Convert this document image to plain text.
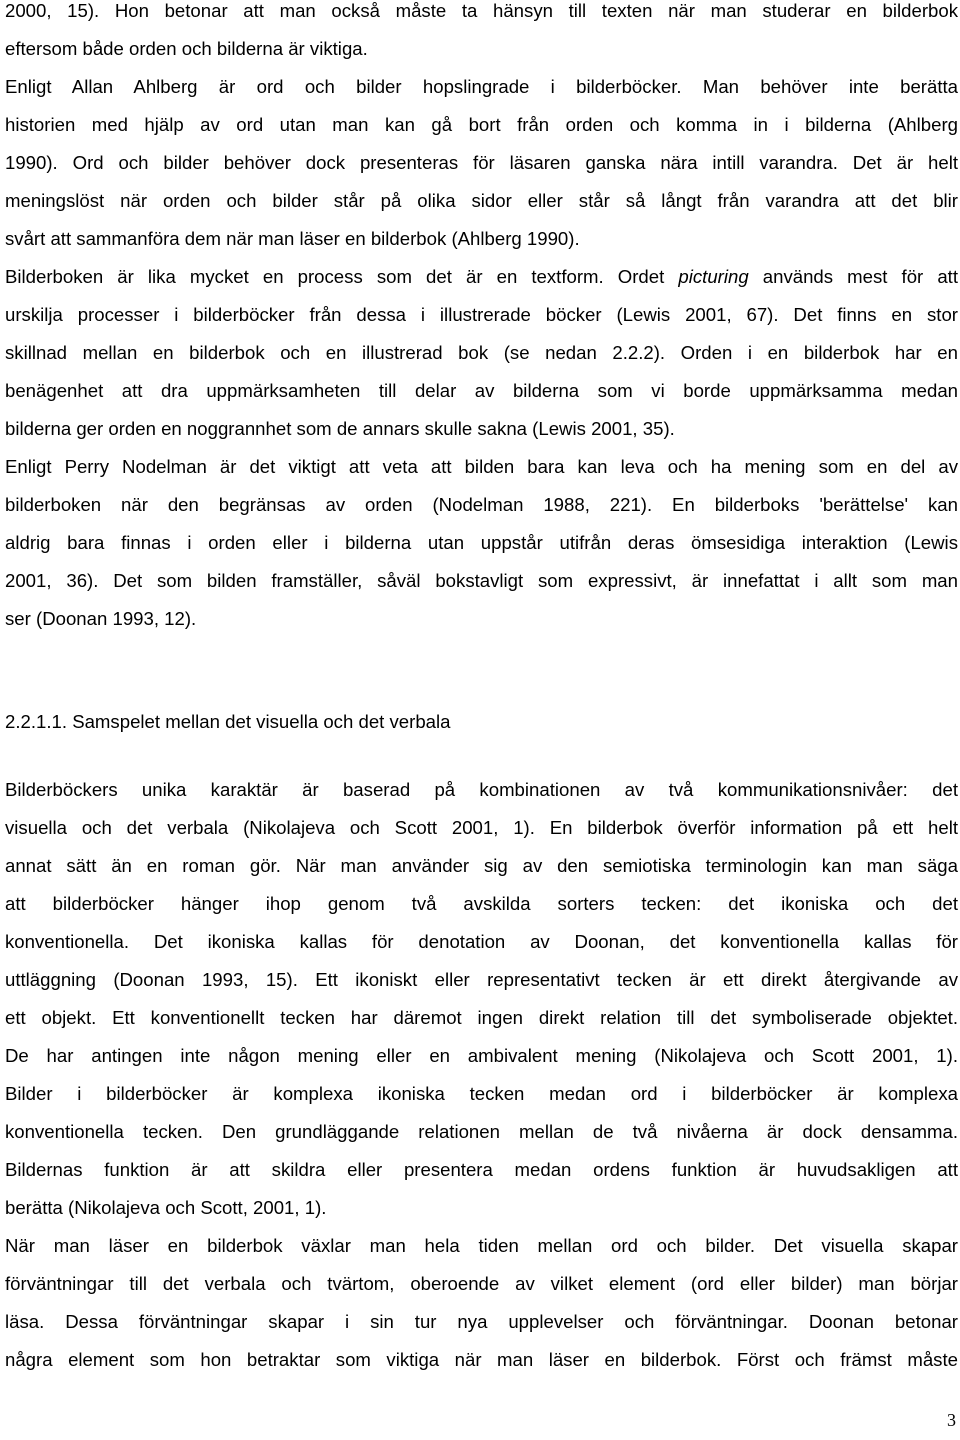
2000, 15). Hon betonar att man också måste ta hänsyn till texten när man studerar en bilderbok
eftersom både orden och bilderna är viktiga.
Enligt Allan Ahlberg är ord och bilder hopslingrade i bilderböcker. Man behöver inte berätta
historien med hjälp av ord utan man kan gå bort från orden och komma in i bilderna (Ahlberg
1990). Ord och bilder behöver dock presenteras för läsaren ganska nära intill varandra. Det är helt
meningslöst när orden och bilder står på olika sidor eller står så långt från varandra att det blir
svårt att sammanföra dem när man läser en bilderbok (Ahlberg 1990).
Bilderboken är lika mycket en process som det är en textform. Ordet picturing används mest för att
urskilja processer i bilderböcker från dessa i illustrerade böcker (Lewis 2001, 67). Det finns en stor
skillnad mellan en bilderbok och en illustrerad bok (se nedan 2.2.2). Orden i en bilderbok har en
benägenhet att dra uppmärksamheten till delar av bilderna som vi borde uppmärksamma medan
bilderna ger orden en noggrannhet som de annars skulle sakna (Lewis 2001, 35).
Enligt Perry Nodelman är det viktigt att veta att bilden bara kan leva och ha mening som en del av
bilderboken när den begränsas av orden (Nodelman 1988, 221). En bilderboks 'berättelse' kan
aldrig bara finnas i orden eller i bilderna utan uppstår utifrån deras ömsesidiga interaktion (Lewis
2001, 36). Det som bilden framställer, såväl bokstavligt som expressivt, är innefattat i allt som man
ser (Doonan 1993, 12).
2.2.1.1. Samspelet mellan det visuella och det verbala
Bilderböckers unika karaktär är baserad på kombinationen av två kommunikationsnivåer: det
visuella och det verbala (Nikolajeva och Scott 2001, 1). En bilderbok överför information på ett helt
annat sätt än en roman gör. När man använder sig av den semiotiska terminologin kan man säga
att bilderböcker hänger ihop genom två avskilda sorters tecken: det ikoniska och det
konventionella. Det ikoniska kallas för denotation av Doonan, det konventionella kallas för
uttläggning (Doonan 1993, 15). Ett ikoniskt eller representativt tecken är ett direkt återgivande av
ett objekt. Ett konventionellt tecken har däremot ingen direkt relation till det symboliserade objektet.
De har antingen inte någon mening eller en ambivalent mening (Nikolajeva och Scott 2001, 1).
Bilder i bilderböcker är komplexa ikoniska tecken medan ord i bilderböcker är komplexa
konventionella tecken. Den grundläggande relationen mellan de två nivåerna är dock densamma.
Bildernas funktion är att skildra eller presentera medan ordens funktion är huvudsakligen att
berätta (Nikolajeva och Scott, 2001, 1).
När man läser en bilderbok växlar man hela tiden mellan ord och bilder. Det visuella skapar
förväntningar till det verbala och tvärtom, oberoende av vilket element (ord eller bilder) man börjar
läsa. Dessa förväntningar skapar i sin tur nya upplevelser och förväntningar. Doonan betonar
några element som hon betraktar som viktiga när man läser en bilderbok. Först och främst måste
3
